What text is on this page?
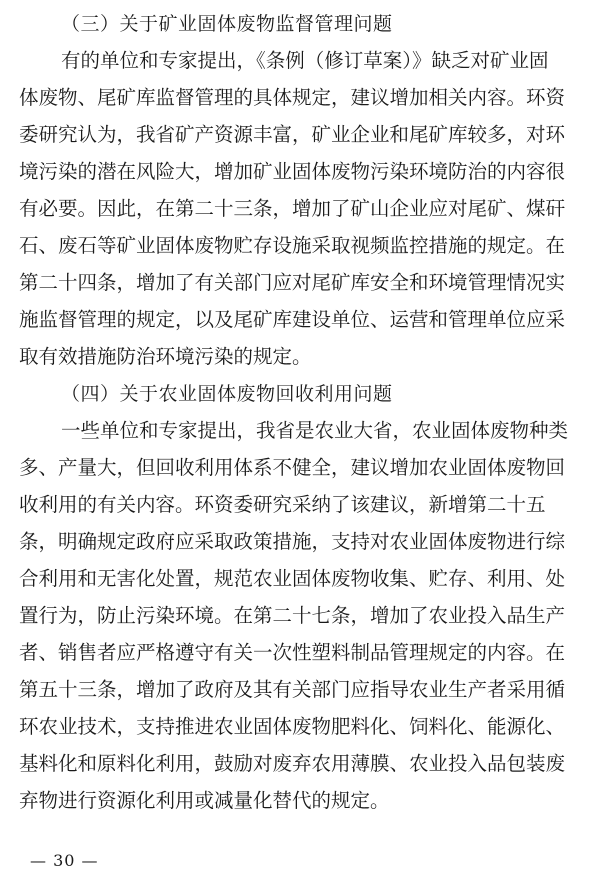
（三）关于矿业固体废物监督管理问题
有的单位和专家提出，《条例（修订草案）》缺乏对矿业固
体废物、尾矿库监督管理的具体规定，建议增加相关内容。环资
委研究认为，我省矿产资源丰富，矿业企业和尾矿库较多，对环
境污染的潜在风险大，增加矿业固体废物污染环境防治的内容很
有必要。因此，在第二十三条，增加了矿山企业应对尾矿、煤矸
石、废石等矿业固体废物贮存设施采取视频监控措施的规定。在
第二十四条，增加了有关部门应对尾矿库安全和环境管理情况实
施监督管理的规定，以及尾矿库建设单位、运营和管理单位应采
取有效措施防治环境污染的规定。
（四）关于农业固体废物回收利用问题
一些单位和专家提出，我省是农业大省，农业固体废物种类
多、产量大，但回收利用体系不健全，建议增加农业固体废物回
收利用的有关内容。环资委研究采纳了该建议，新增第二十五
条，明确规定政府应采取政策措施，支持对农业固体废物进行综
合利用和无害化处置，规范农业固体废物收集、贮存、利用、处
置行为，防止污染环境。在第二十七条，增加了农业投入品生产
者、销售者应严格遵守有关一次性塑料制品管理规定的内容。在
第五十三条，增加了政府及其有关部门应指导农业生产者采用循
环农业技术，支持推进农业固体废物肥料化、饲料化、能源化、
基料化和原料化利用，鼓励对废弃农用薄膜、农业投入品包装废
弃物进行资源化利用或减量化替代的规定。
— 30 —
